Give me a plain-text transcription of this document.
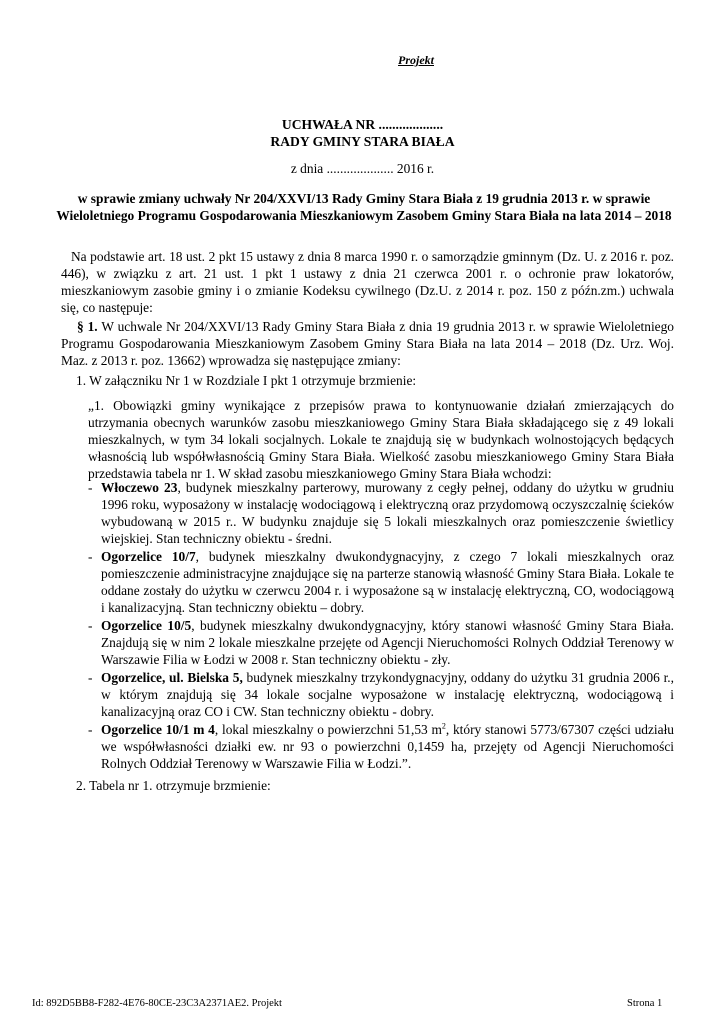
Projekt
UCHWAŁA NR ...................
RADY GMINY STARA BIAŁA
z dnia .................... 2016 r.
w sprawie zmiany uchwały Nr 204/XXVI/13 Rady Gminy Stara Biała z 19 grudnia 2013 r. w sprawie Wieloletniego Programu Gospodarowania Mieszkaniowym Zasobem Gminy Stara Biała na lata 2014 – 2018
Na podstawie art. 18 ust. 2 pkt 15 ustawy z dnia 8 marca 1990 r. o samorządzie gminnym (Dz. U. z 2016 r. poz. 446), w związku z art. 21 ust. 1 pkt 1 ustawy z dnia 21 czerwca 2001 r. o ochronie praw lokatorów, mieszkaniowym zasobie gminy i o zmianie Kodeksu cywilnego (Dz.U. z 2014 r. poz. 150 z późn.zm.) uchwala się, co następuje:
§ 1. W uchwale Nr 204/XXVI/13 Rady Gminy Stara Biała z dnia 19 grudnia 2013 r. w sprawie Wieloletniego Programu Gospodarowania Mieszkaniowym Zasobem Gminy Stara Biała na lata 2014 – 2018 (Dz. Urz. Woj. Maz. z 2013 r. poz. 13662) wprowadza się następujące zmiany:
1. W załączniku Nr 1 w Rozdziale I pkt 1 otrzymuje brzmienie:
„1. Obowiązki gminy wynikające z przepisów prawa to kontynuowanie działań zmierzających do utrzymania obecnych warunków zasobu mieszkaniowego Gminy Stara Biała składającego się z 49 lokali mieszkalnych, w tym 34 lokali socjalnych. Lokale te znajdują się w budynkach wolnostojących będących własnością lub współwłasnością Gminy Stara Biała. Wielkość zasobu mieszkaniowego Gminy Stara Biała przedstawia tabela nr 1. W skład zasobu mieszkaniowego Gminy Stara Biała wchodzi:
- Włoczewo 23, budynek mieszkalny parterowy, murowany z cegły pełnej, oddany do użytku w grudniu 1996 roku, wyposażony w instalację wodociągową i elektryczną oraz przydomową oczyszczalnię ścieków wybudowaną w 2015 r.. W budynku znajduje się 5 lokali mieszkalnych oraz pomieszczenie świetlicy wiejskiej. Stan techniczny obiektu - średni.
- Ogorzelice 10/7, budynek mieszkalny dwukondygnacyjny, z czego 7 lokali mieszkalnych oraz pomieszczenie administracyjne znajdujące się na parterze stanowią własność Gminy Stara Biała. Lokale te oddane zostały do użytku w czerwcu 2004 r. i wyposażone są w instalację elektryczną, CO, wodociągową i kanalizacyjną. Stan techniczny obiektu – dobry.
- Ogorzelice 10/5, budynek mieszkalny dwukondygnacyjny, który stanowi własność Gminy Stara Biała. Znajdują się w nim 2 lokale mieszkalne przejęte od Agencji Nieruchomości Rolnych Oddział Terenowy w Warszawie Filia w Łodzi w 2008 r. Stan techniczny obiektu - zły.
- Ogorzelice, ul. Bielska 5, budynek mieszkalny trzykondygnacyjny, oddany do użytku 31 grudnia 2006 r., w którym znajdują się 34 lokale socjalne wyposażone w instalację elektryczną, wodociągową i kanalizacyjną oraz CO i CW. Stan techniczny obiektu - dobry.
- Ogorzelice 10/1 m 4, lokal mieszkalny o powierzchni 51,53 $m^2$, który stanowi 5773/67307 części udziału we współwłasności działki ew. nr 93 o powierzchni 0,1459 ha, przejęty od Agencji Nieruchomości Rolnych Oddział Terenowy w Warszawie Filia w Łodzi.”.
2. Tabela nr 1. otrzymuje brzmienie:
Id: 892D5BB8-F282-4E76-80CE-23C3A2371AE2. Projekt	Strona 1
